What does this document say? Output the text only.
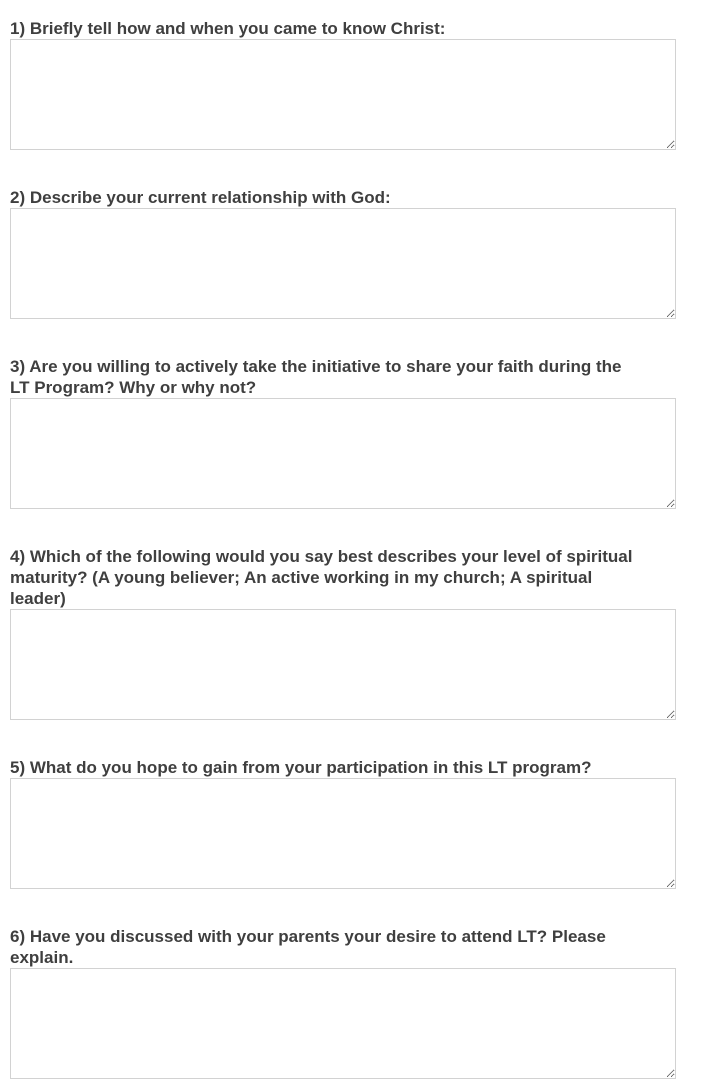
1) Briefly tell how and when you came to know Christ:
2) Describe your current relationship with God:
3) Are you willing to actively take the initiative to share your faith during the
LT Program? Why or why not?
4) Which of the following would you say best describes your level of spiritual
maturity? (A young believer; An active working in my church; A spiritual
leader)
5) What do you hope to gain from your participation in this LT program?
6) Have you discussed with your parents your desire to attend LT? Please
explain.
